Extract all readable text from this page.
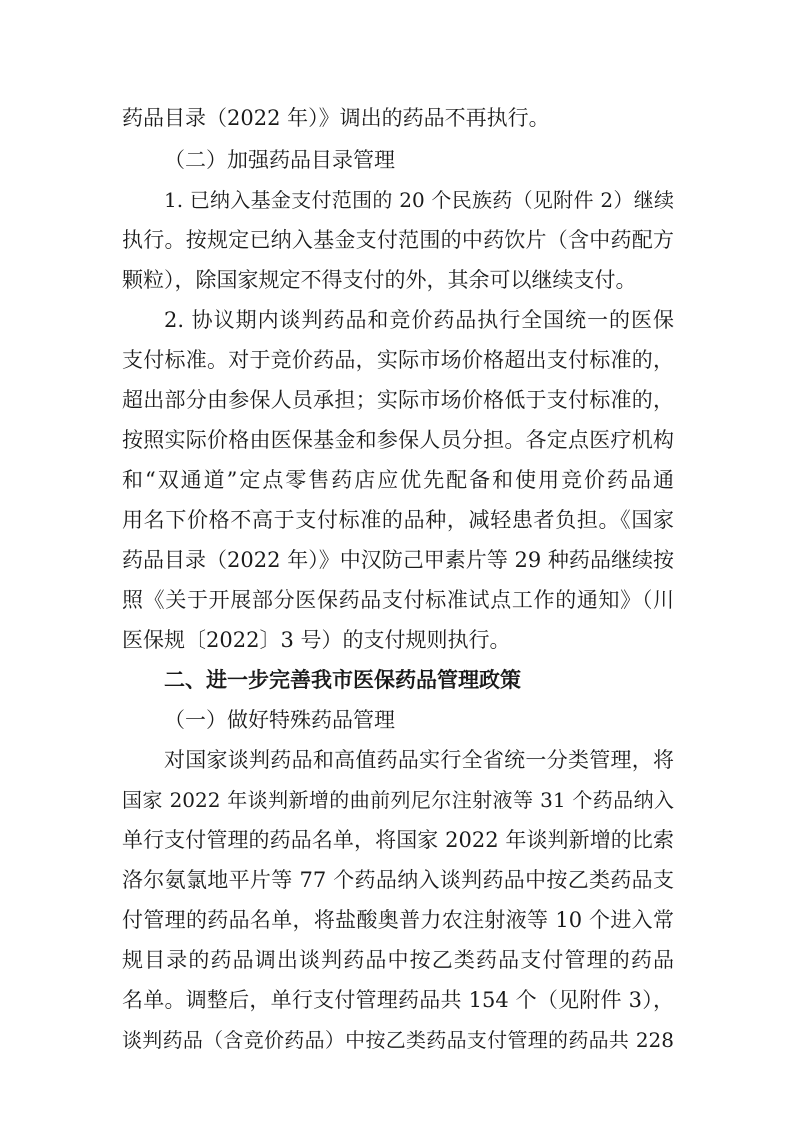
药品目录（2022 年）》调出的药品不再执行。
（二）加强药品目录管理
1. 已纳入基金支付范围的 20 个民族药（见附件 2）继续
执行。按规定已纳入基金支付范围的中药饮片（含中药配方
颗粒），除国家规定不得支付的外，其余可以继续支付。
2. 协议期内谈判药品和竞价药品执行全国统一的医保
支付标准。对于竞价药品，实际市场价格超出支付标准的，
超出部分由参保人员承担；实际市场价格低于支付标准的，
按照实际价格由医保基金和参保人员分担。各定点医疗机构
和“双通道”定点零售药店应优先配备和使用竞价药品通
用名下价格不高于支付标准的品种，减轻患者负担。《国家
药品目录（2022 年）》中汉防己甲素片等 29 种药品继续按
照《关于开展部分医保药品支付标准试点工作的通知》（川
医保规〔2022〕3 号）的支付规则执行。
二、进一步完善我市医保药品管理政策
（一）做好特殊药品管理
对国家谈判药品和高值药品实行全省统一分类管理，将
国家 2022 年谈判新增的曲前列尼尔注射液等 31 个药品纳入
单行支付管理的药品名单，将国家 2022 年谈判新增的比索
洛尔氨氯地平片等 77 个药品纳入谈判药品中按乙类药品支
付管理的药品名单，将盐酸奥普力农注射液等 10 个进入常
规目录的药品调出谈判药品中按乙类药品支付管理的药品
名单。调整后，单行支付管理药品共 154 个（见附件 3），
谈判药品（含竞价药品）中按乙类药品支付管理的药品共 228
